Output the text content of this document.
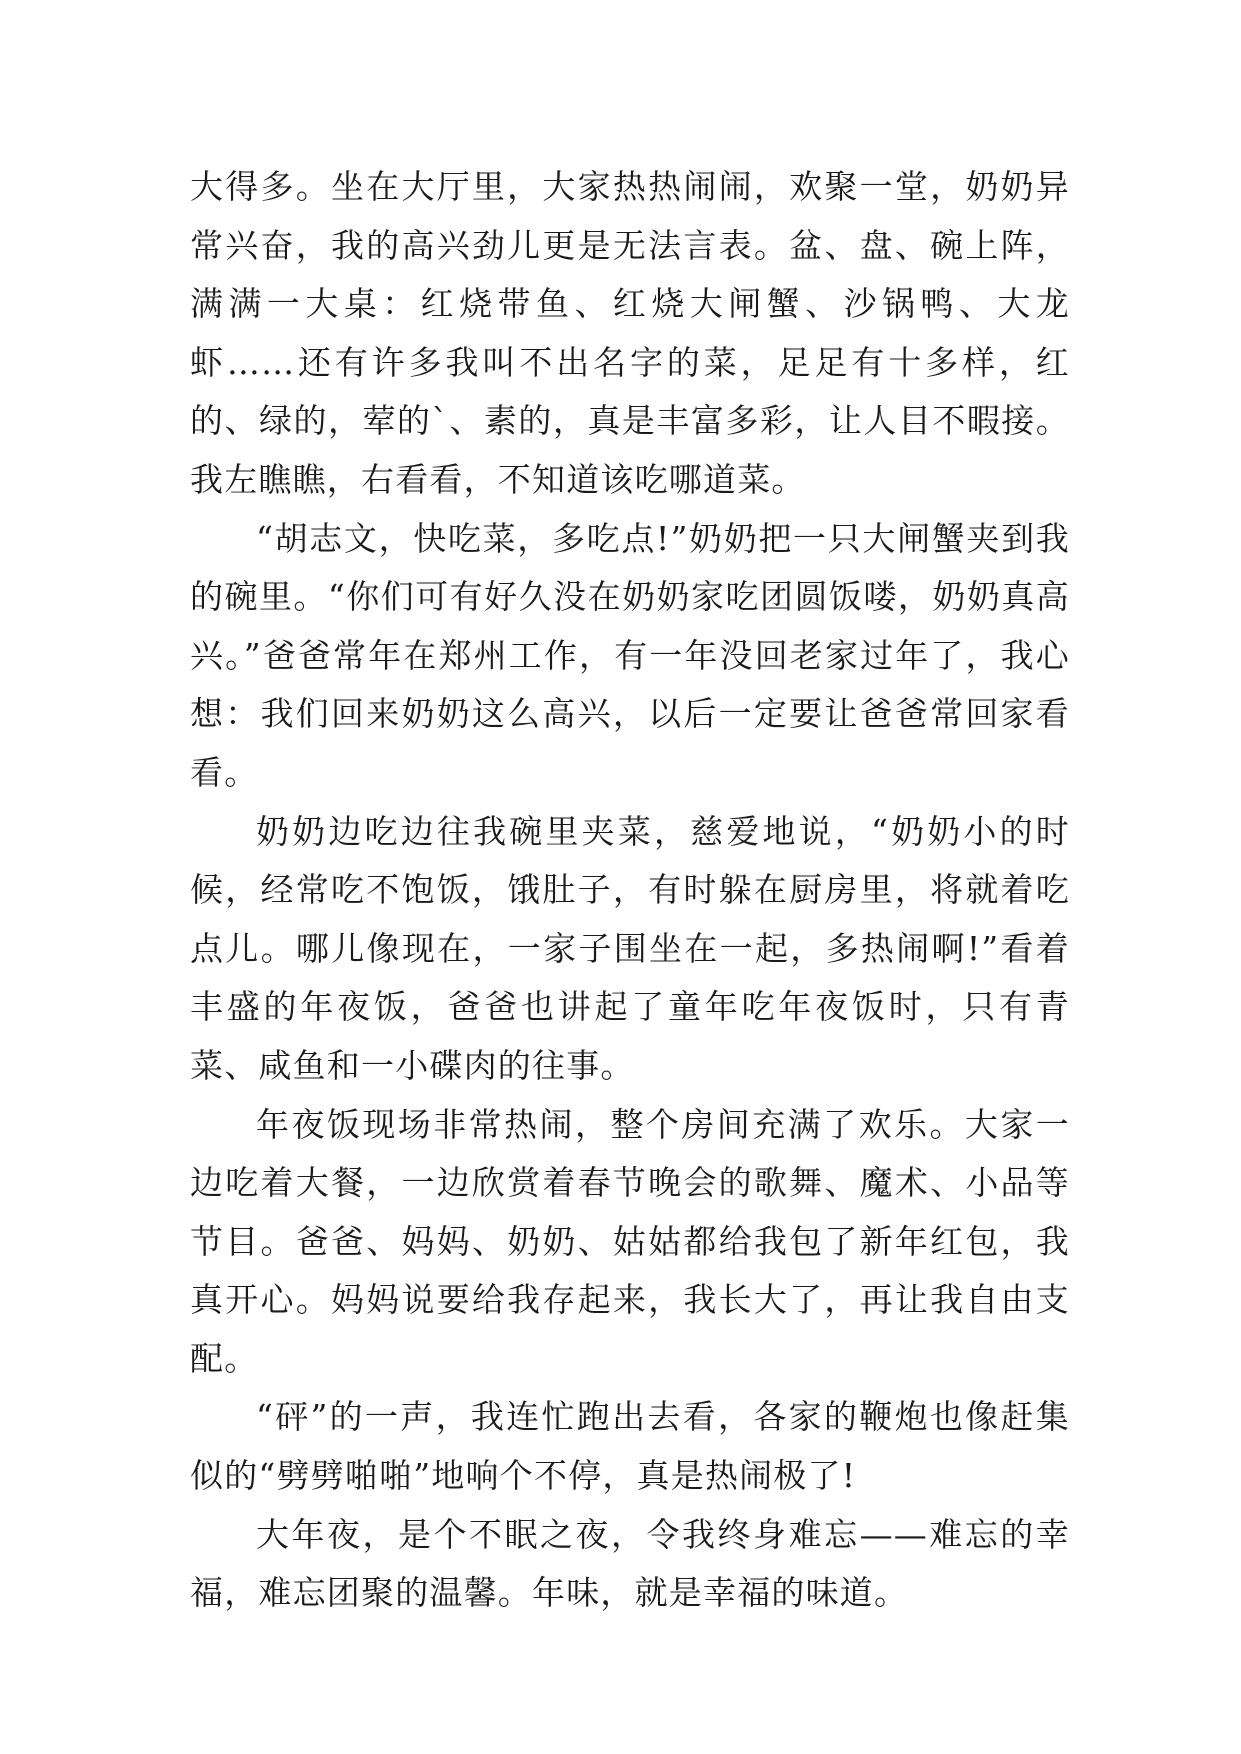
大得多。坐在大厅里，大家热热闹闹，欢聚一堂，奶奶异常兴奋，我的高兴劲儿更是无法言表。盆、盘、碗上阵，满满一大桌：红烧带鱼、红烧大闸蟹、沙锅鸭、大龙虾……还有许多我叫不出名字的菜，足足有十多样，红的、绿的，荤的`、素的，真是丰富多彩，让人目不暇接。我左瞧瞧，右看看，不知道该吃哪道菜。

“胡志文，快吃菜，多吃点!”奶奶把一只大闸蟹夹到我的碗里。“你们可有好久没在奶奶家吃团圆饭喽，奶奶真高兴。”爸爸常年在郑州工作，有一年没回老家过年了，我心想：我们回来奶奶这么高兴，以后一定要让爸爸常回家看看。

奶奶边吃边往我碗里夹菜，慈爱地说，“奶奶小的时候，经常吃不饱饭，饿肚子，有时躲在厨房里，将就着吃点儿。哪儿像现在，一家子围坐在一起，多热闹啊!”看着丰盛的年夜饭，爸爸也讲起了童年吃年夜饭时，只有青菜、咸鱼和一小碟肉的往事。

年夜饭现场非常热闹，整个房间充满了欢乐。大家一边吃着大餐，一边欣赏着春节晚会的歌舞、魔术、小品等节目。爸爸、妈妈、奶奶、姑姑都给我包了新年红包，我真开心。妈妈说要给我存起来，我长大了，再让我自由支配。

“砰”的一声，我连忙跑出去看，各家的鞭炮也像赶集似的“劈劈啪啪”地响个不停，真是热闹极了!

大年夜，是个不眠之夜，令我终身难忘——难忘的幸福，难忘团聚的温馨。年味，就是幸福的味道。
